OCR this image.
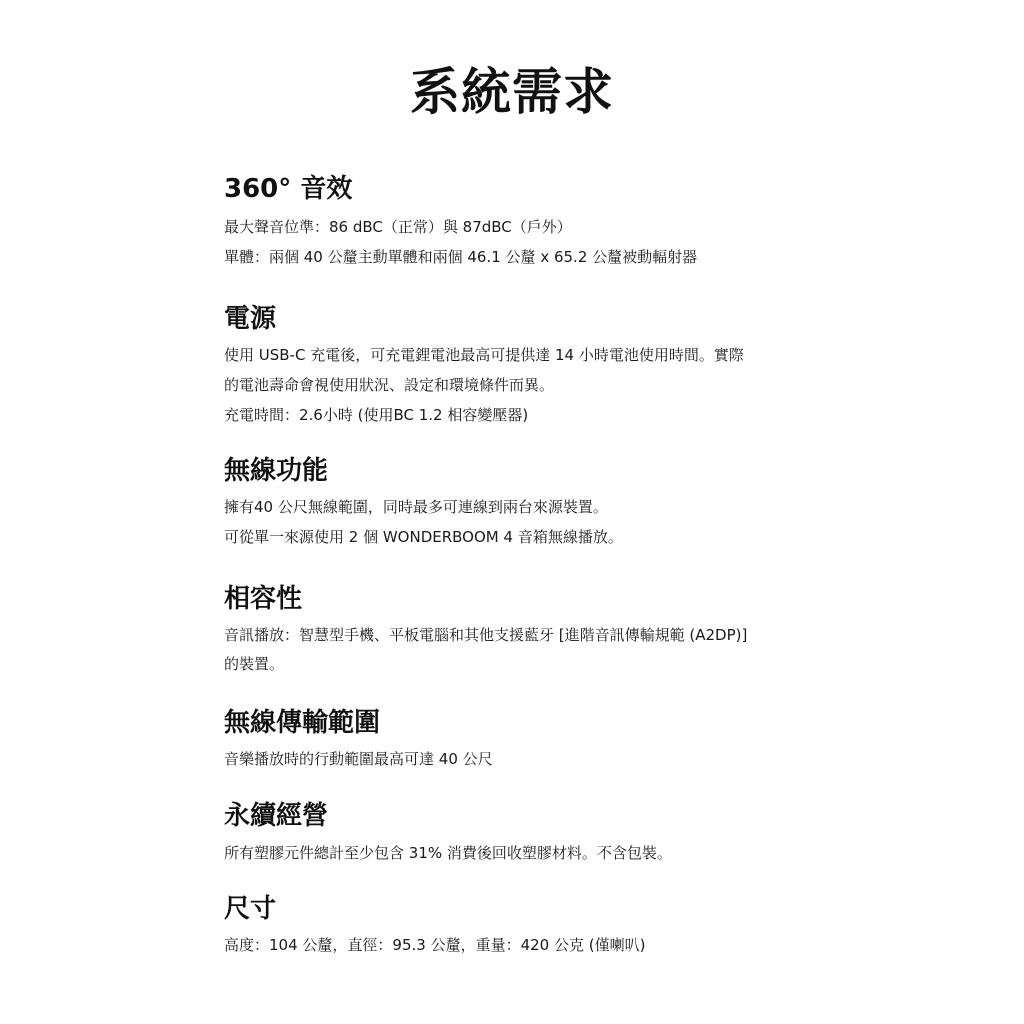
系統需求
360° 音效

最大聲音位準：86 dBC（正常）與 87dBC（戶外）

單體：兩個 40 公釐主動單體和兩個 46.1 公釐 x 65.2 公釐被動輻射器

電源

使用 USB-C 充電後，可充電鋰電池最高可提供達 14 小時電池使用時間。實際

的電池壽命會視使用狀況、設定和環境條件而異。

充電時間：2.6小時 (使用BC 1.2 相容變壓器)

無線功能

擁有40 公尺無線範圍，同時最多可連線到兩台來源裝置。

可從單一來源使用 2 個 WONDERBOOM 4 音箱無線播放。

相容性

音訊播放：智慧型手機、平板電腦和其他支援藍牙 [進階音訊傳輸規範 (A2DP)]

的裝置。

無線傳輸範圍

音樂播放時的行動範圍最高可達 40 公尺

永續經營

所有塑膠元件總計至少包含 31% 消費後回收塑膠材料。不含包裝。

尺寸

高度：104 公釐，直徑：95.3 公釐，重量：420 公克 (僅喇叭)
